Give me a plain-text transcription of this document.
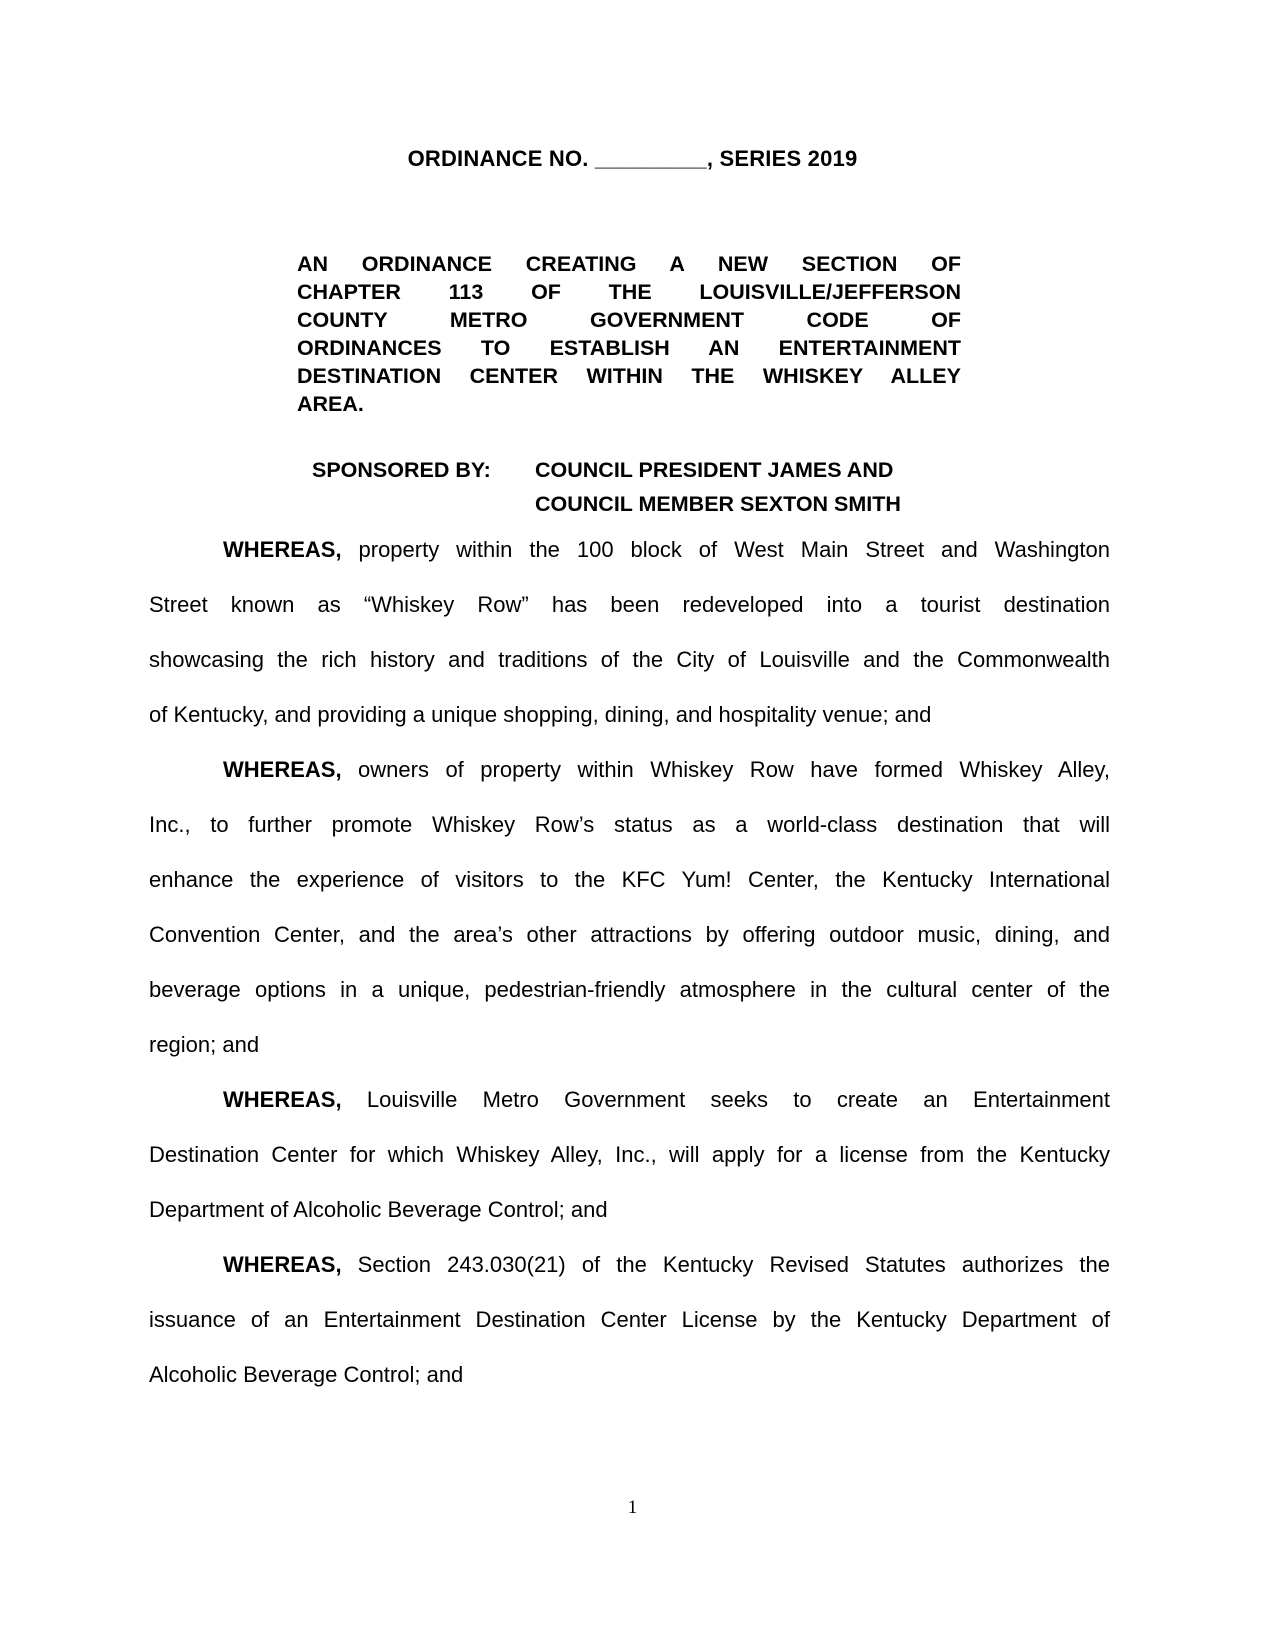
ORDINANCE NO. _________, SERIES 2019
AN ORDINANCE CREATING A NEW SECTION OF
CHAPTER 113 OF THE LOUISVILLE/JEFFERSON
COUNTY METRO GOVERNMENT CODE OF
ORDINANCES TO ESTABLISH AN ENTERTAINMENT
DESTINATION CENTER WITHIN THE WHISKEY ALLEY
AREA.
SPONSORED BY: COUNCIL PRESIDENT JAMES AND
COUNCIL MEMBER SEXTON SMITH
WHEREAS, property within the 100 block of West Main Street and Washington
Street known as “Whiskey Row” has been redeveloped into a tourist destination
showcasing the rich history and traditions of the City of Louisville and the Commonwealth
of Kentucky, and providing a unique shopping, dining, and hospitality venue; and
WHEREAS, owners of property within Whiskey Row have formed Whiskey Alley,
Inc., to further promote Whiskey Row’s status as a world-class destination that will
enhance the experience of visitors to the KFC Yum! Center, the Kentucky International
Convention Center, and the area’s other attractions by offering outdoor music, dining, and
beverage options in a unique, pedestrian-friendly atmosphere in the cultural center of the
region; and
WHEREAS, Louisville Metro Government seeks to create an Entertainment
Destination Center for which Whiskey Alley, Inc., will apply for a license from the Kentucky
Department of Alcoholic Beverage Control; and
WHEREAS, Section 243.030(21) of the Kentucky Revised Statutes authorizes the
issuance of an Entertainment Destination Center License by the Kentucky Department of
Alcoholic Beverage Control; and
1
